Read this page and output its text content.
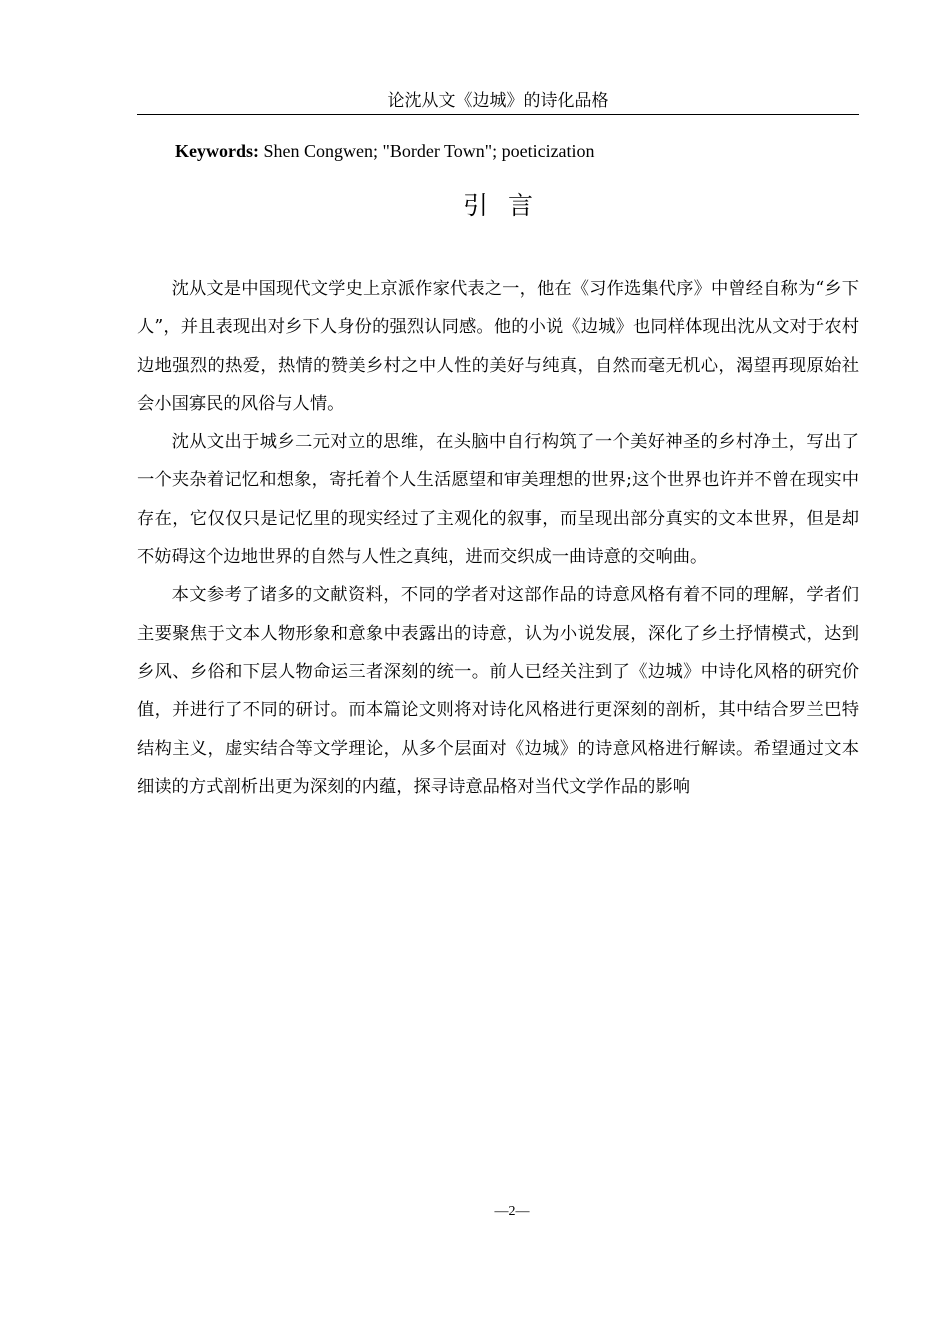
论沈从文《边城》的诗化品格
Keywords: Shen Congwen; "Border Town"; poeticization
引言

沈从文是中国现代文学史上京派作家代表之一，他在《习作选集代序》中曾经自称为“乡下人”，并且表现出对乡下人身份的强烈认同感。他的小说《边城》也同样体现出沈从文对于农村边地强烈的热爱，热情的赞美乡村之中人性的美好与纯真，自然而毫无机心，渴望再现原始社会小国寡民的风俗与人情。

沈从文出于城乡二元对立的思维，在头脑中自行构筑了一个美好神圣的乡村净土，写出了一个夹杂着记忆和想象，寄托着个人生活愿望和审美理想的世界;这个世界也许并不曾在现实中存在，它仅仅只是记忆里的现实经过了主观化的叙事，而呈现出部分真实的文本世界，但是却不妨碍这个边地世界的自然与人性之真纯，进而交织成一曲诗意的交响曲。

本文参考了诸多的文献资料，不同的学者对这部作品的诗意风格有着不同的理解，学者们主要聚焦于文本人物形象和意象中表露出的诗意，认为小说发展，深化了乡土抒情模式，达到乡风、乡俗和下层人物命运三者深刻的统一。前人已经关注到了《边城》中诗化风格的研究价值，并进行了不同的研讨。而本篇论文则将对诗化风格进行更深刻的剖析，其中结合罗兰巴特结构主义，虚实结合等文学理论，从多个层面对《边城》的诗意风格进行解读。希望通过文本细读的方式剖析出更为深刻的内蕴，探寻诗意品格对当代文学作品的影响

—2—
